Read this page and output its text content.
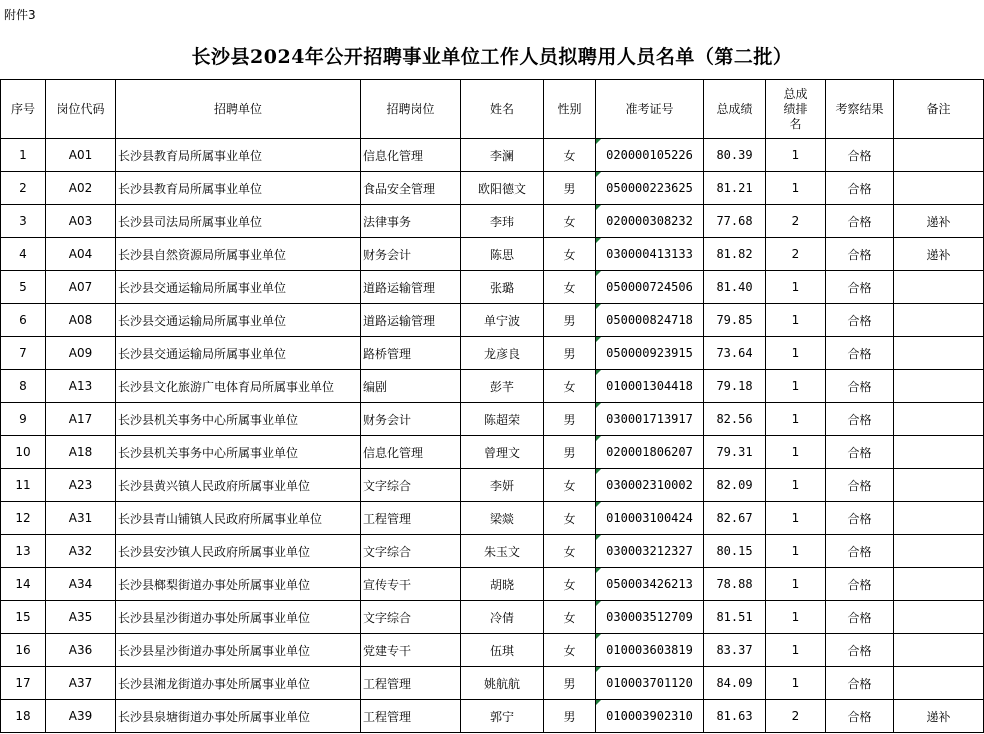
附件3
长沙县2024年公开招聘事业单位工作人员拟聘用人员名单（第二批）
序号	岗位代码	招聘单位	招聘岗位	姓名	性别	准考证号	总成绩	总成绩排名	考察结果	备注
1	A01	长沙县教育局所属事业单位	信息化管理	李澜	女	020000105226	80.39	1	合格	
2	A02	长沙县教育局所属事业单位	食品安全管理	欧阳德文	男	050000223625	81.21	1	合格	
3	A03	长沙县司法局所属事业单位	法律事务	李玮	女	020000308232	77.68	2	合格	递补
4	A04	长沙县自然资源局所属事业单位	财务会计	陈思	女	030000413133	81.82	2	合格	递补
5	A07	长沙县交通运输局所属事业单位	道路运输管理	张璐	女	050000724506	81.40	1	合格	
6	A08	长沙县交通运输局所属事业单位	道路运输管理	单宁波	男	050000824718	79.85	1	合格	
7	A09	长沙县交通运输局所属事业单位	路桥管理	龙彦良	男	050000923915	73.64	1	合格	
8	A13	长沙县文化旅游广电体育局所属事业单位	编剧	彭芊	女	010001304418	79.18	1	合格	
9	A17	长沙县机关事务中心所属事业单位	财务会计	陈超荣	男	030001713917	82.56	1	合格	
10	A18	长沙县机关事务中心所属事业单位	信息化管理	曾理文	男	020001806207	79.31	1	合格	
11	A23	长沙县黄兴镇人民政府所属事业单位	文字综合	李妍	女	030002310002	82.09	1	合格	
12	A31	长沙县青山铺镇人民政府所属事业单位	工程管理	梁燚	女	010003100424	82.67	1	合格	
13	A32	长沙县安沙镇人民政府所属事业单位	文字综合	朱玉文	女	030003212327	80.15	1	合格	
14	A34	长沙县榔梨街道办事处所属事业单位	宣传专干	胡晓	女	050003426213	78.88	1	合格	
15	A35	长沙县星沙街道办事处所属事业单位	文字综合	冷倩	女	030003512709	81.51	1	合格	
16	A36	长沙县星沙街道办事处所属事业单位	党建专干	伍琪	女	010003603819	83.37	1	合格	
17	A37	长沙县湘龙街道办事处所属事业单位	工程管理	姚航航	男	010003701120	84.09	1	合格	
18	A39	长沙县泉塘街道办事处所属事业单位	工程管理	郭宁	男	010003902310	81.63	2	合格	递补
